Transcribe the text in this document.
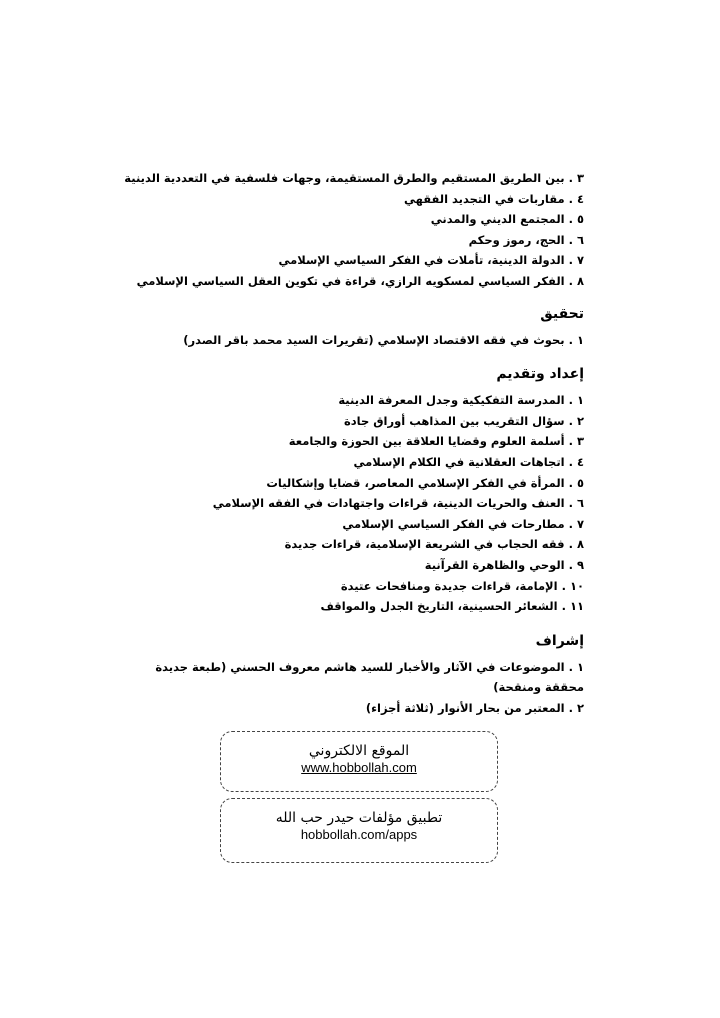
٣ . بين الطريق المستقيم والطرق المستقيمة، وجهات فلسفية في التعددية الدينية
٤ . مقاربات في التجديد الفقهي
٥ . المجتمع الديني والمدني
٦ . الحج، رموز وحكم
٧ . الدولة الدينية، تأملات في الفكر السياسي الإسلامي
٨ . الفكر السياسي لمسكويه الرازي، قراءة في تكوين العقل السياسي الإسلامي
تحقيق
١ . بحوث في فقه الاقتصاد الإسلامي (تقريرات السيد محمد باقر الصدر)
إعداد وتقديم
١ . المدرسة التفكيكية وجدل المعرفة الدينية
٢ . سؤال التقريب بين المذاهب أوراق جادة
٣ . أسلمة العلوم وقضايا العلاقة بين الحوزة والجامعة
٤ . اتجاهات العقلانية في الكلام الإسلامي
٥ . المرأة في الفكر الإسلامي المعاصر، قضايا وإشكاليات
٦ . العنف والحريات الدينية، قراءات واجتهادات في الفقه الإسلامي
٧ . مطارحات في الفكر السياسي الإسلامي
٨ . فقه الحجاب في الشريعة الإسلامية، قراءات جديدة
٩ . الوحي والظاهرة القرآنية
١٠ . الإمامة، قراءات جديدة ومنافحات عتيدة
١١ . الشعائر الحسينية، التاريخ الجدل والمواقف
إشراف
١ . الموضوعات في الآثار والأخبار للسيد هاشم معروف الحسني (طبعة جديدة محققة ومنقحة)
٢ . المعتبر من بحار الأنوار (ثلاثة أجزاء)
الموقع الالكتروني
www.hobbollah.com
تطبيق مؤلفات حيدر حب الله
hobbollah.com/apps
